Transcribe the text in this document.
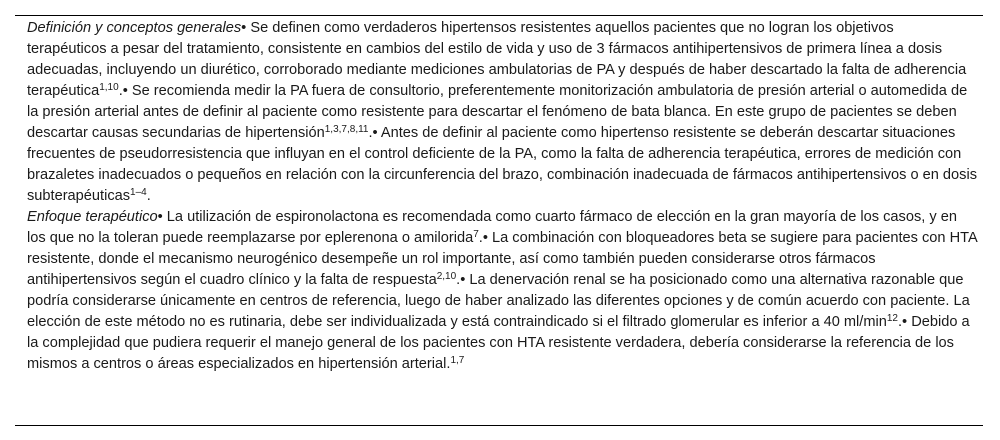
Definición y conceptos generales• Se definen como verdaderos hipertensos resistentes aquellos pacientes que no logran los objetivos terapéuticos a pesar del tratamiento, consistente en cambios del estilo de vida y uso de 3 fármacos antihipertensivos de primera línea a dosis adecuadas, incluyendo un diurético, corroborado mediante mediciones ambulatorias de PA y después de haber descartado la falta de adherencia terapéutica$^{1,10}$.• Se recomienda medir la PA fuera de consultorio, preferentemente monitorización ambulatoria de presión arterial o automedida de la presión arterial antes de definir al paciente como resistente para descartar el fenómeno de bata blanca. En este grupo de pacientes se deben descartar causas secundarias de hipertensión$^{1,3,7,8,11}$.• Antes de definir al paciente como hipertenso resistente se deberán descartar situaciones frecuentes de pseudorresistencia que influyan en el control deficiente de la PA, como la falta de adherencia terapéutica, errores de medición con brazaletes inadecuados o pequeños en relación con la circunferencia del brazo, combinación inadecuada de fármacos antihipertensivos o en dosis subterapéuticas$^{1-4}$.

Enfoque terapéutico• La utilización de espironolactona es recomendada como cuarto fármaco de elección en la gran mayoría de los casos, y en los que no la toleran puede reemplazarse por eplerenona o amilorida$^7$.• La combinación con bloqueadores beta se sugiere para pacientes con HTA resistente, donde el mecanismo neurogénico desempeñe un rol importante, así como también pueden considerarse otros fármacos antihipertensivos según el cuadro clínico y la falta de respuesta$^{2,10}$.• La denervación renal se ha posicionado como una alternativa razonable que podría considerarse únicamente en centros de referencia, luego de haber analizado las diferentes opciones y de común acuerdo con paciente. La elección de este método no es rutinaria, debe ser individualizada y está contraindicado si el filtrado glomerular es inferior a 40 $ml/\min^{12}.•$ Debido a la complejidad que pudiera requerir el manejo general de los pacientes con HTA resistente verdadera, debería considerarse la referencia de los mismos a centros o áreas especializados en hipertensión arterial.$^{1,7}$
